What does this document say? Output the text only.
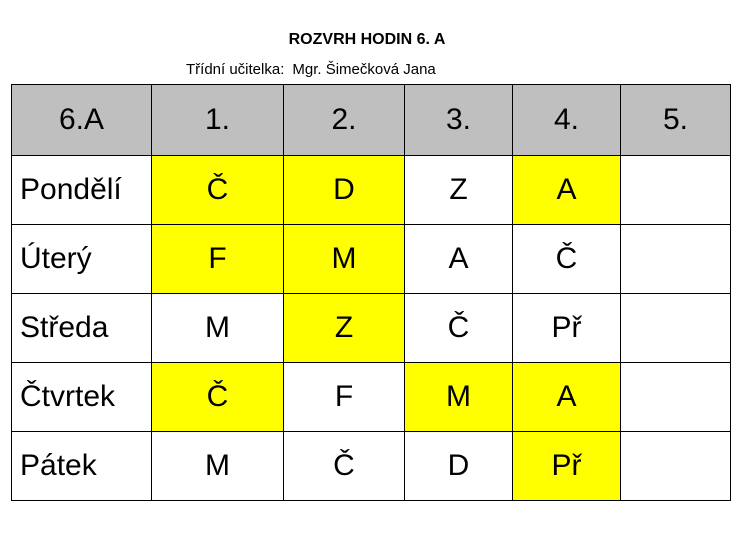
ROZVRH HODIN 6. A
Třídní učitelka: Mgr. Šimečková Jana
6.A	1.	2.	3.	4.	5.
Pondělí	Č	D	Z	A	
Úterý	F	M	A	Č	
Středa	M	Z	Č	Př	
Čtvrtek	Č	F	M	A	
Pátek	M	Č	D	Př	
